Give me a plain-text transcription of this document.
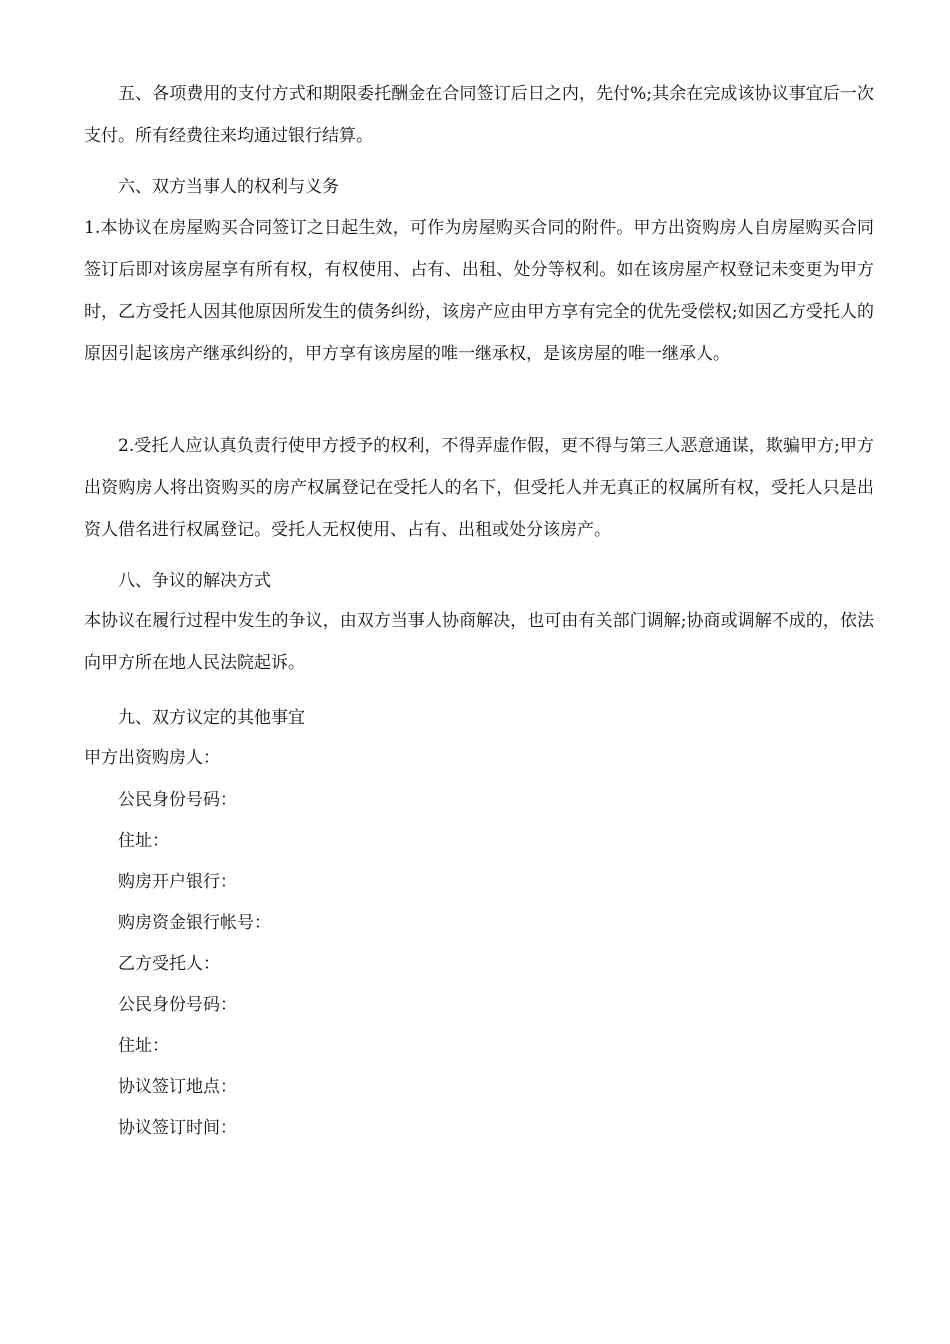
五、各项费用的支付方式和期限委托酬金在合同签订后日之内，先付%;其余在完成该协议事宜后一次支付。所有经费往来均通过银行结算。

六、双方当事人的权利与义务

1.本协议在房屋购买合同签订之日起生效，可作为房屋购买合同的附件。甲方出资购房人自房屋购买合同签订后即对该房屋享有所有权，有权使用、占有、出租、处分等权利。如在该房屋产权登记未变更为甲方时，乙方受托人因其他原因所发生的债务纠纷，该房产应由甲方享有完全的优先受偿权;如因乙方受托人的原因引起该房产继承纠纷的，甲方享有该房屋的唯一继承权，是该房屋的唯一继承人。

2.受托人应认真负责行使甲方授予的权利，不得弄虚作假，更不得与第三人恶意通谋，欺骗甲方;甲方出资购房人将出资购买的房产权属登记在受托人的名下，但受托人并无真正的权属所有权，受托人只是出资人借名进行权属登记。受托人无权使用、占有、出租或处分该房产。

八、争议的解决方式

本协议在履行过程中发生的争议，由双方当事人协商解决，也可由有关部门调解;协商或调解不成的，依法向甲方所在地人民法院起诉。

九、双方议定的其他事宜

甲方出资购房人：

公民身份号码：

住址：

购房开户银行：

购房资金银行帐号：

乙方受托人：

公民身份号码：

住址：

协议签订地点：

协议签订时间：
